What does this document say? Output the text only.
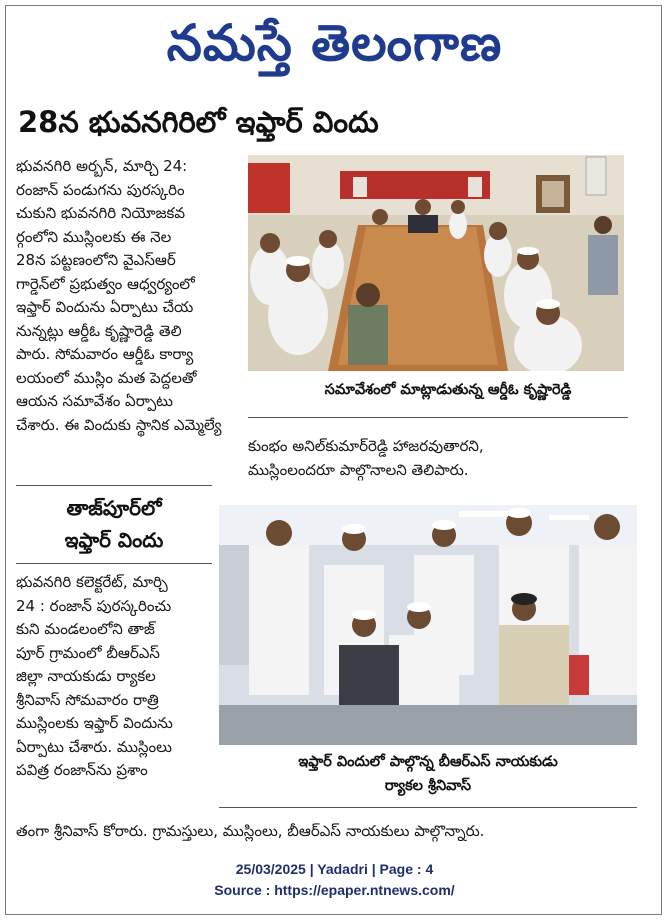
నమస్తే తెలంగాణ
28న భువనగిరిలో ఇఫ్తార్ విందు
భువనగిరి అర్బన్, మార్చి 24:
రంజాన్ పండుగను పురస్కరిం
చుకుని భువనగిరి నియోజకవ
ర్గంలోని ముస్లింలకు ఈ నెల
28న పట్టణంలోని వైఎస్ఆర్
గార్డెన్‌లో ప్రభుత్వం ఆధ్వర్యంలో
ఇఫ్తార్ విందును ఏర్పాటు చేయ
నున్నట్లు ఆర్డీఓ కృష్ణారెడ్డి తెలి
పారు. సోమవారం ఆర్డీఓ కార్యా
లయంలో ముస్లిం మత పెద్దలతో
ఆయన సమావేశం ఏర్పాటు
చేశారు. ఈ విందుకు స్థానిక ఎమ్మెల్యే
సమావేశంలో మాట్లాడుతున్న ఆర్డీఓ కృష్ణారెడ్డి
కుంభం అనిల్‌కుమార్‌రెడ్డి హాజరవుతారని,
ముస్లింలందరూ పాల్గొనాలని తెలిపారు.
తాజ్‌పూర్‌లో
ఇఫ్తార్ విందు
భువనగిరి కలెక్టరేట్, మార్చి
24 : రంజాన్ పురస్కరించు
కుని మండలంలోని తాజ్
పూర్ గ్రామంలో బీఆర్ఎస్
జిల్లా నాయకుడు ర్యాకల
శ్రీనివాస్ సోమవారం రాత్రి
ముస్లింలకు ఇఫ్తార్ విందును
ఏర్పాటు చేశారు. ముస్లింలు
పవిత్ర రంజాన్‌ను ప్రశాం	ఇఫ్తార్ విందులో పాల్గొన్న బీఆర్ఎస్ నాయకుడు
ర్యాకల శ్రీనివాస్
తంగా శ్రీనివాస్ కోరారు. గ్రామస్తులు, ముస్లింలు, బీఆర్ఎస్ నాయకులు పాల్గొన్నారు.
25/03/2025 | Yadadri | Page : 4
Source : https://epaper.ntnews.com/
